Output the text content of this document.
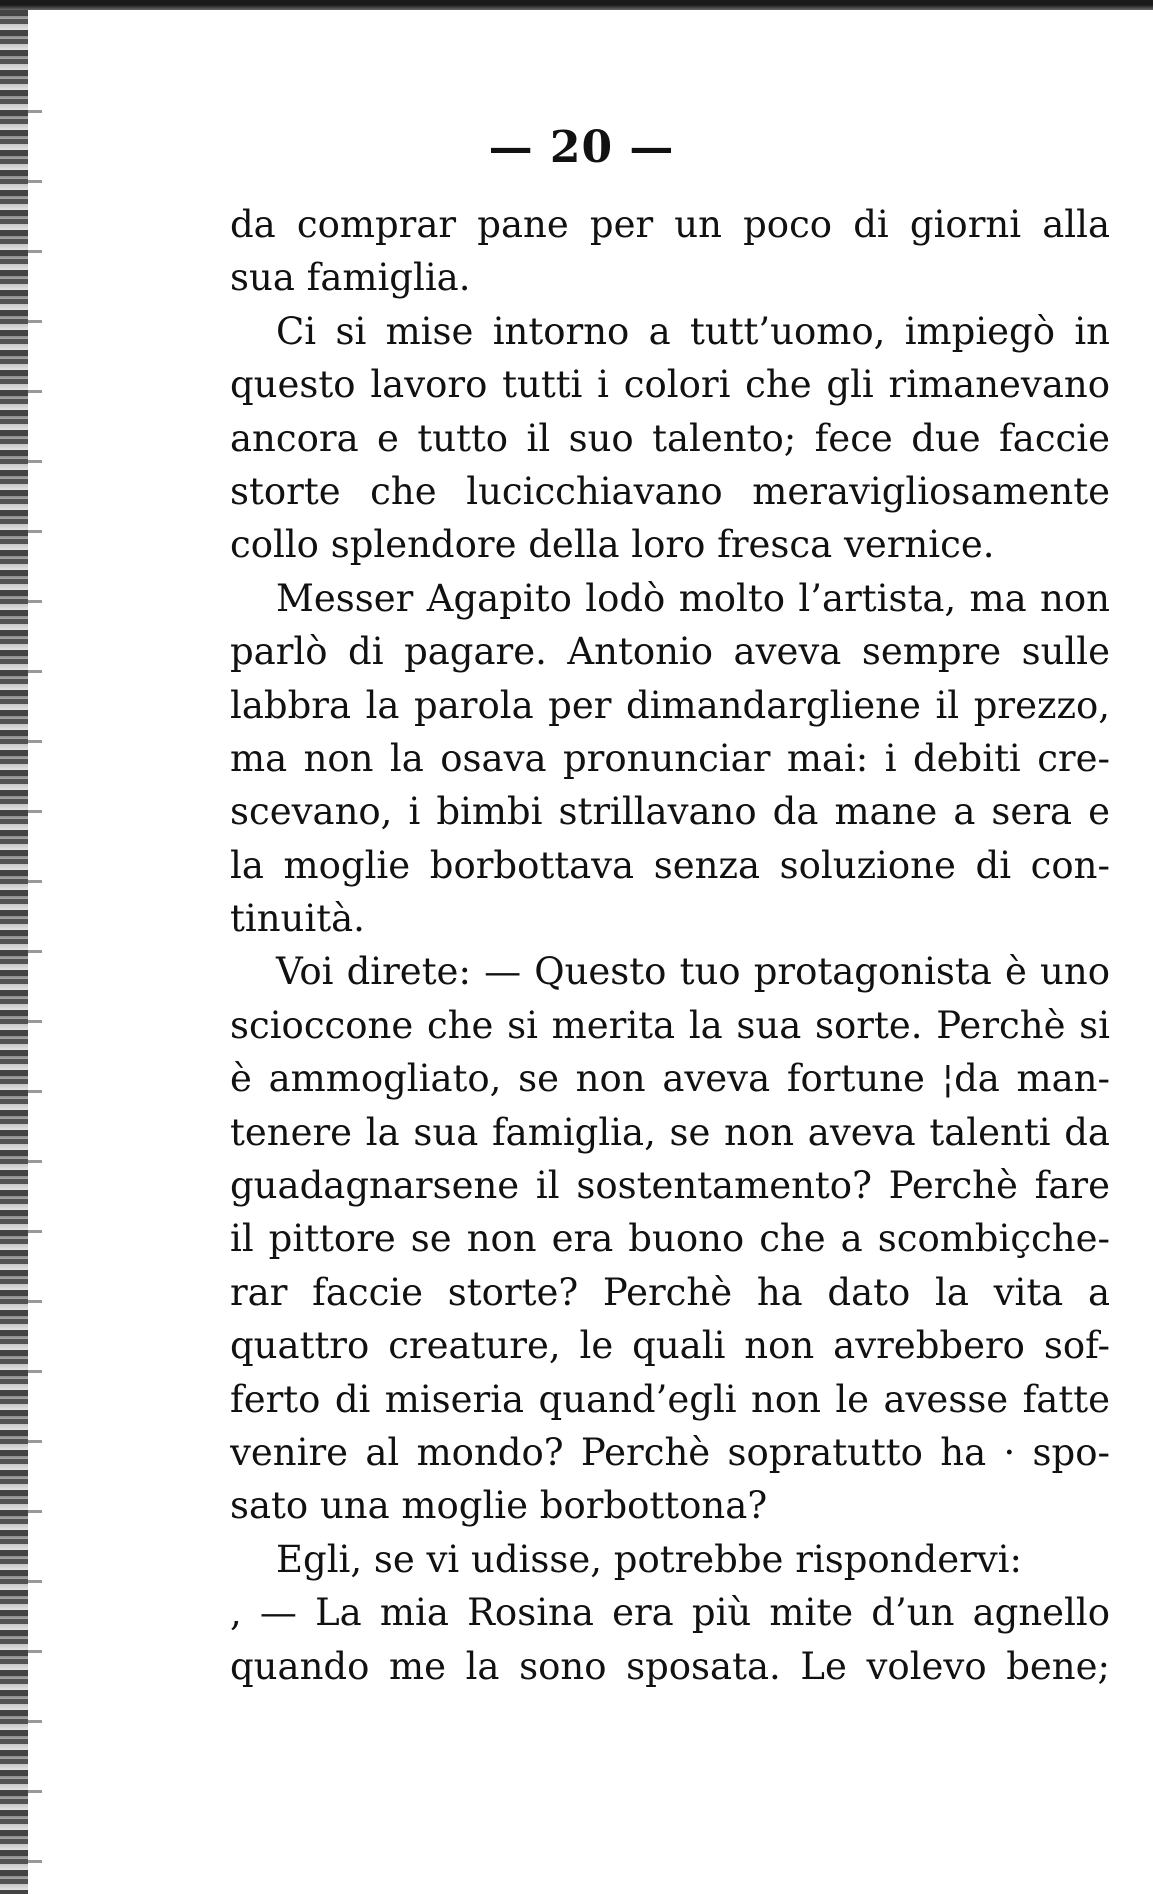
— 20 —
da comprar pane per un poco di giorni alla
sua famiglia.
Ci si mise intorno a tutt’uomo, impiegò in
questo lavoro tutti i colori che gli rimanevano
ancora e tutto il suo talento; fece due faccie
storte che lucicchiavano meravigliosamente
collo splendore della loro fresca vernice.
Messer Agapito lodò molto l’artista, ma non
parlò di pagare. Antonio aveva sempre sulle
labbra la parola per dimandargliene il prezzo,
ma non la osava pronunciar mai: i debiti cre-
scevano, i bimbi strillavano da mane a sera e
la moglie borbottava senza soluzione di con-
tinuità.
Voi direte: — Questo tuo protagonista è uno
scioccone che si merita la sua sorte. Perchè si
è ammogliato, se non aveva fortune ¦da man-
tenere la sua famiglia, se non aveva talenti da
guadagnarsene il sostentamento? Perchè fare
il pittore se non era buono che a scombiçche-
rar faccie storte? Perchè ha dato la vita a
quattro creature, le quali non avrebbero sof-
ferto di miseria quand’egli non le avesse fatte
venire al mondo? Perchè sopratutto ha · spo-
sato una moglie borbottona?
Egli, se vi udisse, potrebbe rispondervi:
, — La mia Rosina era più mite d’un agnello
quando me la sono sposata. Le volevo bene;
